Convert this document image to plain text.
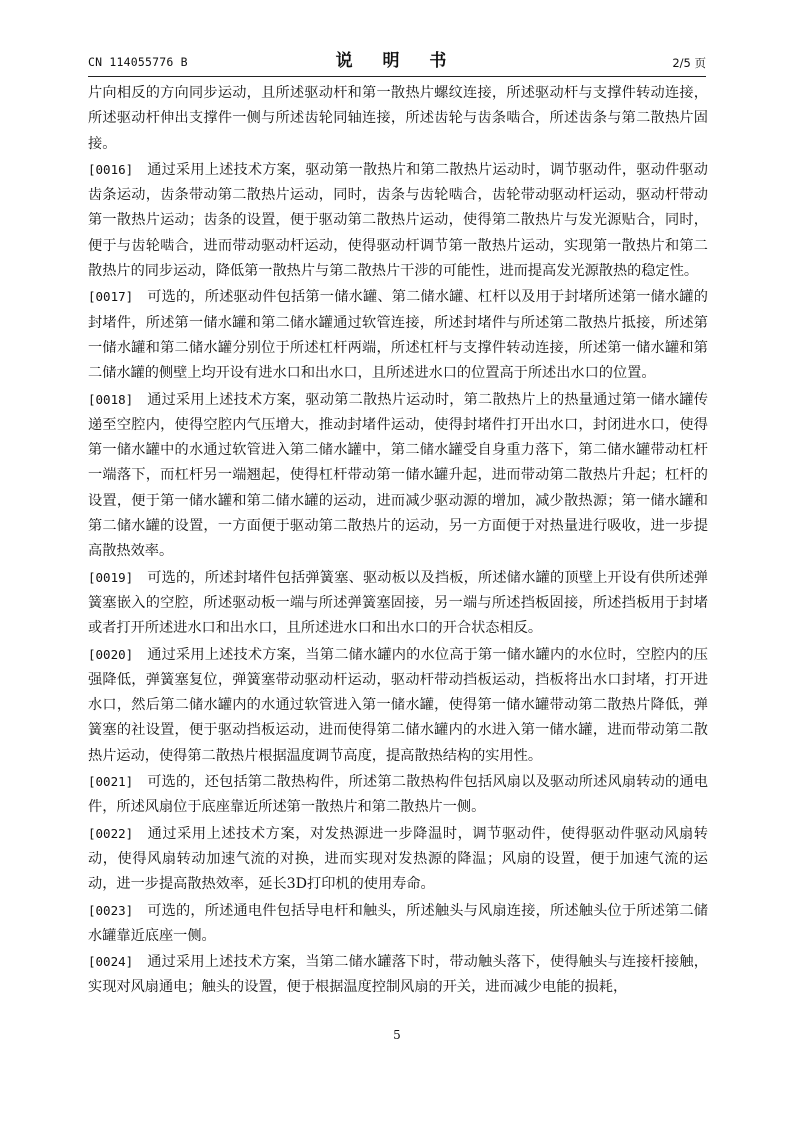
CN 114055776 B	说 明 书	2/5 页

片向相反的方向同步运动，且所述驱动杆和第一散热片螺纹连接，所述驱动杆与支撑件转动连接，所述驱动杆伸出支撑件一侧与所述齿轮同轴连接，所述齿轮与齿条啮合，所述齿条与第二散热片固接。

[0016] 通过采用上述技术方案，驱动第一散热片和第二散热片运动时，调节驱动件，驱动件驱动齿条运动，齿条带动第二散热片运动，同时，齿条与齿轮啮合，齿轮带动驱动杆运动，驱动杆带动第一散热片运动；齿条的设置，便于驱动第二散热片运动，使得第二散热片与发光源贴合，同时，便于与齿轮啮合，进而带动驱动杆运动，使得驱动杆调节第一散热片运动，实现第一散热片和第二散热片的同步运动，降低第一散热片与第二散热片干涉的可能性，进而提高发光源散热的稳定性。

[0017] 可选的，所述驱动件包括第一储水罐、第二储水罐、杠杆以及用于封堵所述第一储水罐的封堵件，所述第一储水罐和第二储水罐通过软管连接，所述封堵件与所述第二散热片抵接，所述第一储水罐和第二储水罐分别位于所述杠杆两端，所述杠杆与支撑件转动连接，所述第一储水罐和第二储水罐的侧壁上均开设有进水口和出水口，且所述进水口的位置高于所述出水口的位置。

[0018] 通过采用上述技术方案，驱动第二散热片运动时，第二散热片上的热量通过第一储水罐传递至空腔内，使得空腔内气压增大，推动封堵件运动，使得封堵件打开出水口，封闭进水口，使得第一储水罐中的水通过软管进入第二储水罐中，第二储水罐受自身重力落下，第二储水罐带动杠杆一端落下，而杠杆另一端翘起，使得杠杆带动第一储水罐升起，进而带动第二散热片升起；杠杆的设置，便于第一储水罐和第二储水罐的运动，进而减少驱动源的增加，减少散热源；第一储水罐和第二储水罐的设置，一方面便于驱动第二散热片的运动，另一方面便于对热量进行吸收，进一步提高散热效率。

[0019] 可选的，所述封堵件包括弹簧塞、驱动板以及挡板，所述储水罐的顶壁上开设有供所述弹簧塞嵌入的空腔，所述驱动板一端与所述弹簧塞固接，另一端与所述挡板固接，所述挡板用于封堵或者打开所述进水口和出水口，且所述进水口和出水口的开合状态相反。

[0020] 通过采用上述技术方案，当第二储水罐内的水位高于第一储水罐内的水位时，空腔内的压强降低，弹簧塞复位，弹簧塞带动驱动杆运动，驱动杆带动挡板运动，挡板将出水口封堵，打开进水口，然后第二储水罐内的水通过软管进入第一储水罐，使得第一储水罐带动第二散热片降低，弹簧塞的社设置，便于驱动挡板运动，进而使得第二储水罐内的水进入第一储水罐，进而带动第二散热片运动，使得第二散热片根据温度调节高度，提高散热结构的实用性。

[0021] 可选的，还包括第二散热构件，所述第二散热构件包括风扇以及驱动所述风扇转动的通电件，所述风扇位于底座靠近所述第一散热片和第二散热片一侧。

[0022] 通过采用上述技术方案，对发热源进一步降温时，调节驱动件，使得驱动件驱动风扇转动，使得风扇转动加速气流的对换，进而实现对发热源的降温；风扇的设置，便于加速气流的运动，进一步提高散热效率，延长3D打印机的使用寿命。

[0023] 可选的，所述通电件包括导电杆和触头，所述触头与风扇连接，所述触头位于所述第二储水罐靠近底座一侧。

[0024] 通过采用上述技术方案，当第二储水罐落下时，带动触头落下，使得触头与连接杆接触，实现对风扇通电；触头的设置，便于根据温度控制风扇的开关，进而减少电能的损耗，

5
